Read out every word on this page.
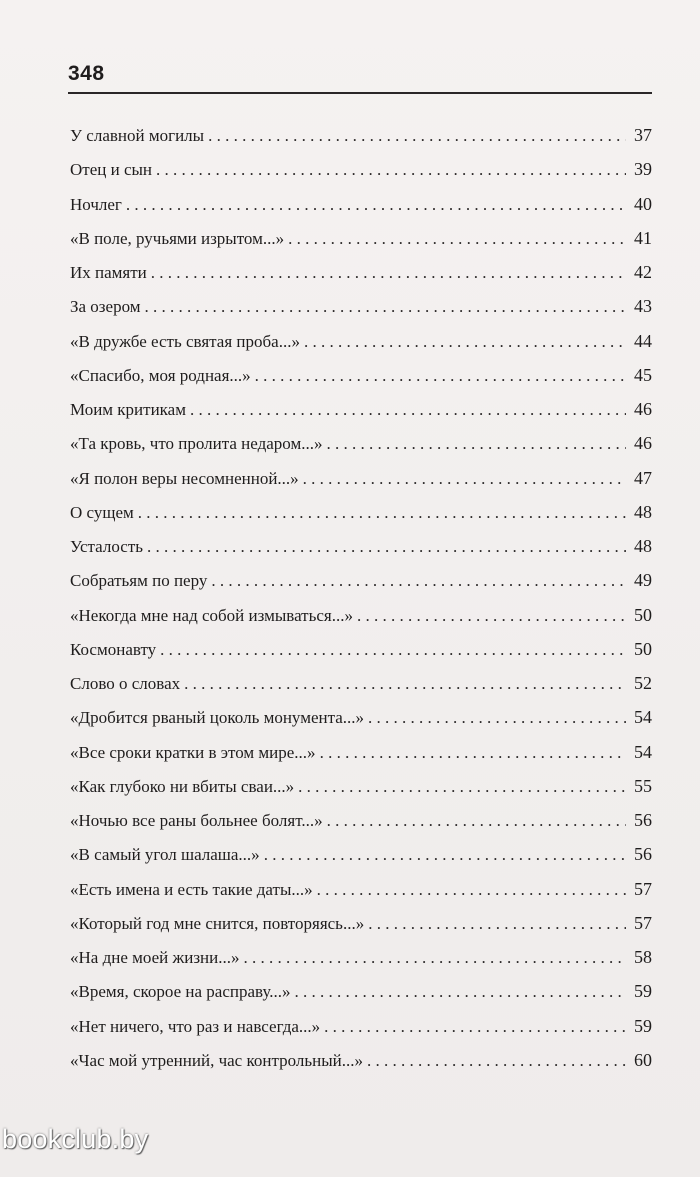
348
У славной могилы . . .	37
Отец и сын . . .	39
Ночлег . . .	40
«В поле, ручьями изрытом...» . . .	41
Их памяти . . .	42
За озером . . .	43
«В дружбе есть святая проба...» . . .	44
«Спасибо, моя родная...» . . .	45
Моим критикам . . .	46
«Та кровь, что пролита недаром...» . . .	46
«Я полон веры несомненной...» . . .	47
О сущем . . .	48
Усталость . . .	48
Собратьям по перу . . .	49
«Некогда мне над собой измываться...» . . .	50
Космонавту . . .	50
Слово о словах . . .	52
«Дробится рваный цоколь монумента...» . . .	54
«Все сроки кратки в этом мире...» . . .	54
«Как глубоко ни вбиты сваи...» . . .	55
«Ночью все раны больнее болят...» . . .	56
«В самый угол шалаша...» . . .	56
«Есть имена и есть такие даты...» . . .	57
«Который год мне снится, повторяясь...» . . .	57
«На дне моей жизни...» . . .	58
«Время, скорое на расправу...» . . .	59
«Нет ничего, что раз и навсегда...» . . .	59
«Час мой утренний, час контрольный...» . . .	60
bookclub.by
